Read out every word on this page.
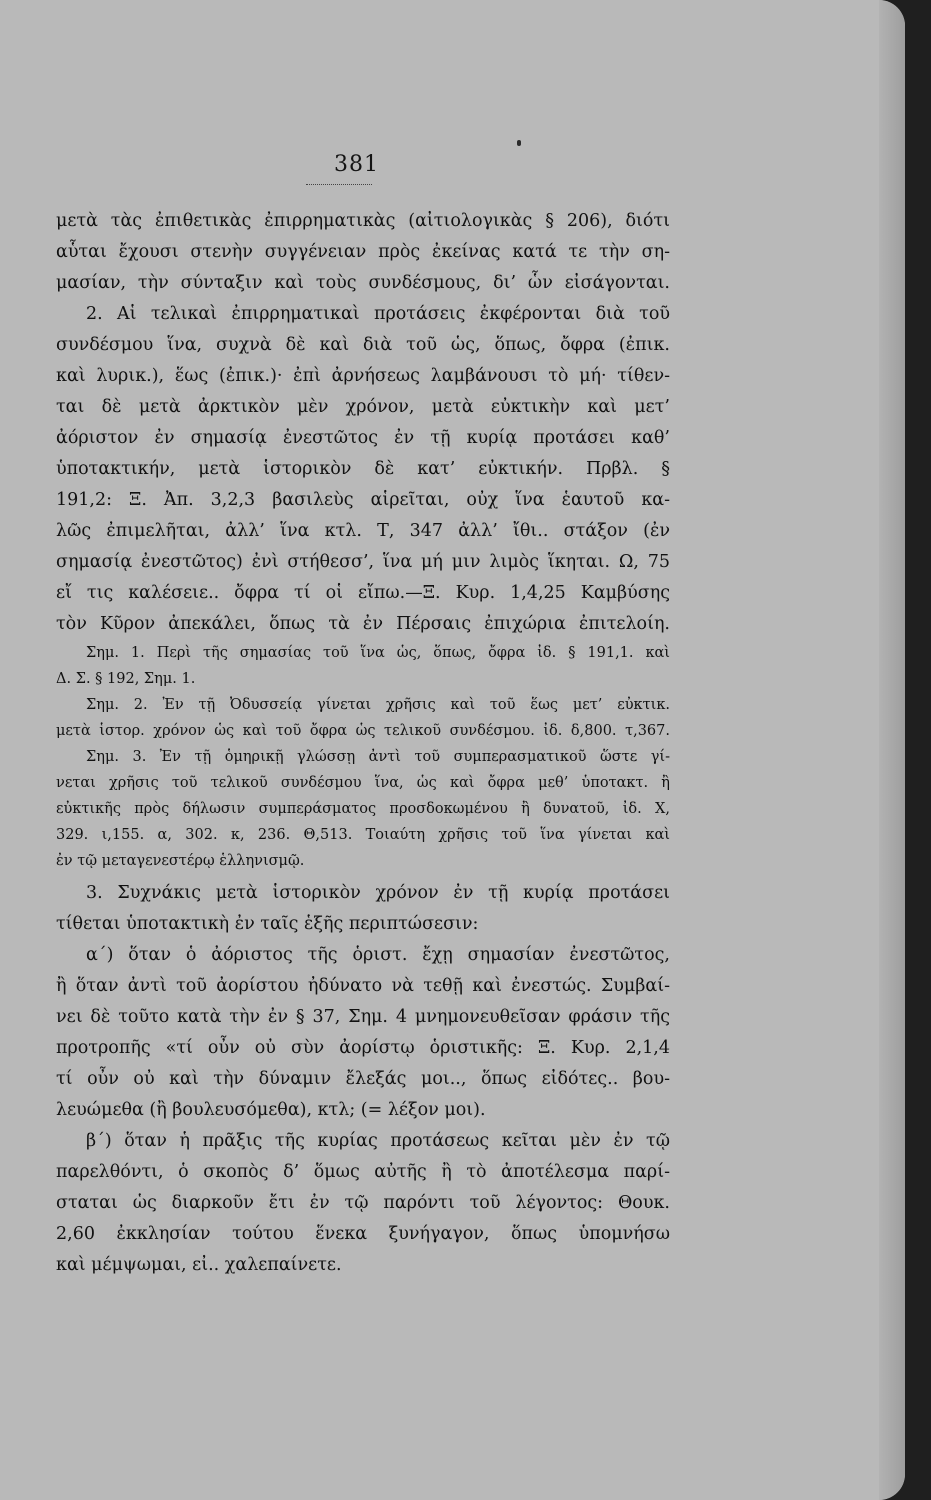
381
μετὰ τὰς ἐπιθετικὰς ἐπιρρηματικὰς (αἰτιολογικὰς § 206), διότι
αὗται ἔχουσι στενὴν συγγένειαν πρὸς ἐκείνας κατά τε τὴν ση-
μασίαν, τὴν σύνταξιν καὶ τοὺς συνδέσμους, δι’ ὧν εἰσάγονται.
2. Αἱ τελικαὶ ἐπιρρηματικαὶ προτάσεις ἐκφέρονται διὰ τοῦ
συνδέσμου ἵνα, συχνὰ δὲ καὶ διὰ τοῦ ὡς, ὅπως, ὄφρα (ἐπικ.
καὶ λυρικ.), ἕως (ἐπικ.)· ἐπὶ ἀρνήσεως λαμβάνουσι τὸ μή· τίθεν-
ται δὲ μετὰ ἀρκτικὸν μὲν χρόνον, μετὰ εὐκτικὴν καὶ μετ’
ἀόριστον ἐν σημασίᾳ ἐνεστῶτος ἐν τῇ κυρίᾳ προτάσει καθ’
ὑποτακτικήν, μετὰ ἱστορικὸν δὲ κατ’ εὐκτικήν. Πρβλ. §
191,2: Ξ. Ἀπ. 3,2,3 βασιλεὺς αἱρεῖται, οὐχ ἵνα ἑαυτοῦ κα-
λῶς ἐπιμελῆται, ἀλλ’ ἵνα κτλ. Τ, 347 ἀλλ’ ἴθι.. στάξον (ἐν
σημασίᾳ ἐνεστῶτος) ἐνὶ στήθεσσ’, ἵνα μή μιν λιμὸς ἵκηται. Ω, 75
εἴ τις καλέσειε.. ὄφρα τί οἱ εἴπω.—Ξ. Κυρ. 1,4,25 Καμβύσης
τὸν Κῦρον ἀπεκάλει, ὅπως τὰ ἐν Πέρσαις ἐπιχώρια ἐπιτελοίη.
Σημ. 1. Περὶ τῆς σημασίας τοῦ ἵνα ὡς, ὅπως, ὄφρα ἰδ. § 191,1. καὶ
Δ. Σ. § 192, Σημ. 1.
Σημ. 2. Ἐν τῇ Ὀδυσσείᾳ γίνεται χρῆσις καὶ τοῦ ἕως μετ’ εὐκτικ.
μετὰ ἱστορ. χρόνον ὡς καὶ τοῦ ὄφρα ὡς τελικοῦ συνδέσμου. ἰδ. δ,800. τ,367.
Σημ. 3. Ἐν τῇ ὁμηρικῇ γλώσσῃ ἀντὶ τοῦ συμπερασματικοῦ ὥστε γί-
νεται χρῆσις τοῦ τελικοῦ συνδέσμου ἵνα, ὡς καὶ ὄφρα μεθ’ ὑποτακτ. ἢ
εὐκτικῆς πρὸς δήλωσιν συμπεράσματος προσδοκωμένου ἢ δυνατοῦ, ἰδ. Χ,
329. ι,155. α, 302. κ, 236. Θ,513. Τοιαύτη χρῆσις τοῦ ἵνα γίνεται καὶ
ἐν τῷ μεταγενεστέρῳ ἑλληνισμῷ.
3. Συχνάκις μετὰ ἱστορικὸν χρόνον ἐν τῇ κυρίᾳ προτάσει
τίθεται ὑποτακτικὴ ἐν ταῖς ἑξῆς περιπτώσεσιν:
α΄) ὅταν ὁ ἀόριστος τῆς ὁριστ. ἔχῃ σημασίαν ἐνεστῶτος,
ἢ ὅταν ἀντὶ τοῦ ἀορίστου ἠδύνατο νὰ τεθῇ καὶ ἐνεστώς. Συμβαί-
νει δὲ τοῦτο κατὰ τὴν ἐν § 37, Σημ. 4 μνημονευθεῖσαν φράσιν τῆς
προτροπῆς «τί οὖν οὐ σὺν ἀορίστῳ ὁριστικῆς: Ξ. Κυρ. 2,1,4
τί οὖν οὐ καὶ τὴν δύναμιν ἔλεξάς μοι.., ὅπως εἰδότες.. βου-
λευώμεθα (ἢ βουλευσόμεθα), κτλ; (= λέξον μοι).
β΄) ὅταν ἡ πρᾶξις τῆς κυρίας προτάσεως κεῖται μὲν ἐν τῷ
παρελθόντι, ὁ σκοπὸς δ’ ὅμως αὐτῆς ἢ τὸ ἀποτέλεσμα παρί-
σταται ὡς διαρκοῦν ἔτι ἐν τῷ παρόντι τοῦ λέγοντος: Θουκ.
2,60 ἐκκλησίαν τούτου ἕνεκα ξυνήγαγον, ὅπως ὑπομνήσω
καὶ μέμψωμαι, εἰ.. χαλεπαίνετε.
